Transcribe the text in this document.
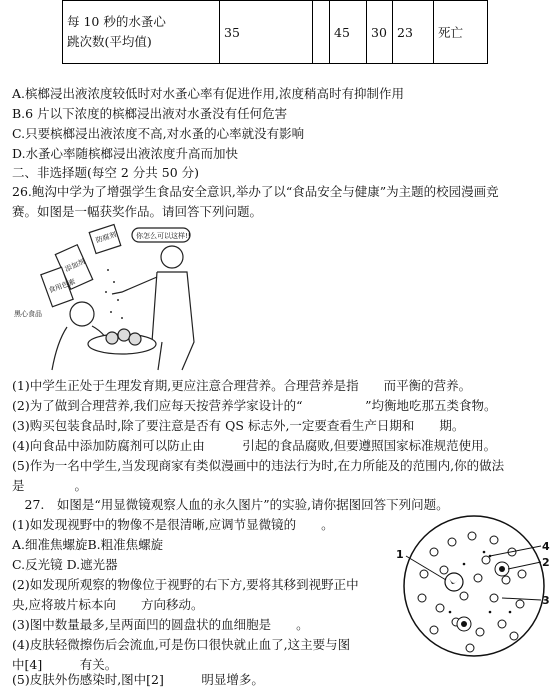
每 10 秒的水蚤心
跳次数(平均值)
	35		45	30	23	死亡
A.槟榔浸出液浓度较低时对水蚤心率有促进作用,浓度稍高时有抑制作用
B.6 片以下浓度的槟榔浸出液对水蚤没有任何危害
C.只要槟榔浸出液浓度不高,对水蚤的心率就没有影响
D.水蚤心率随槟榔浸出液浓度升高而加快
二、非选择题(每空 2 分共 50 分)
26.鲍沟中学为了增强学生食品安全意识,举办了以“食品安全与健康”为主题的校园漫画竞
赛。如图是一幅获奖作品。请回答下列问题。
防腐剂
添加剂
食用色素
你怎么可以这样!!
黑心食品
(1)中学生正处于生理发育期,更应注意合理营养。合理营养是指　　而平衡的营养。
(2)为了做到合理营养,我们应每天按营养学家设计的“　　　　　”均衡地吃那五类食物。
(3)购买包装食品时,除了要注意是否有 QS 标志外,一定要查看生产日期和　　期。
(4)向食品中添加防腐剂可以防止由　　　引起的食品腐败,但要遵照国家标准规范使用。
(5)作为一名中学生,当发现商家有类似漫画中的违法行为时,在力所能及的范围内,你的做法
是　　　　。
　27.　如图是“用显微镜观察人血的永久图片”的实验,请你据图回答下列问题。
(1)如发现视野中的物像不是很清晰,应调节显微镜的　　。
A.细准焦螺旋B.粗准焦螺旋
C.反光镜 D.遮光器
(2)如发现所观察的物像位于视野的右下方,要将其移到视野正中
央,应将玻片标本向　　方向移动。
(3)图中数量最多,呈两面凹的圆盘状的血细胞是　　。
(4)皮肤轻微擦伤后会流血,可是伤口很快就止血了,这主要与图
中[4]　　　有关。
(5)皮肤外伤感染时,图中[2]　　　明显增多。
1
2
3
4
